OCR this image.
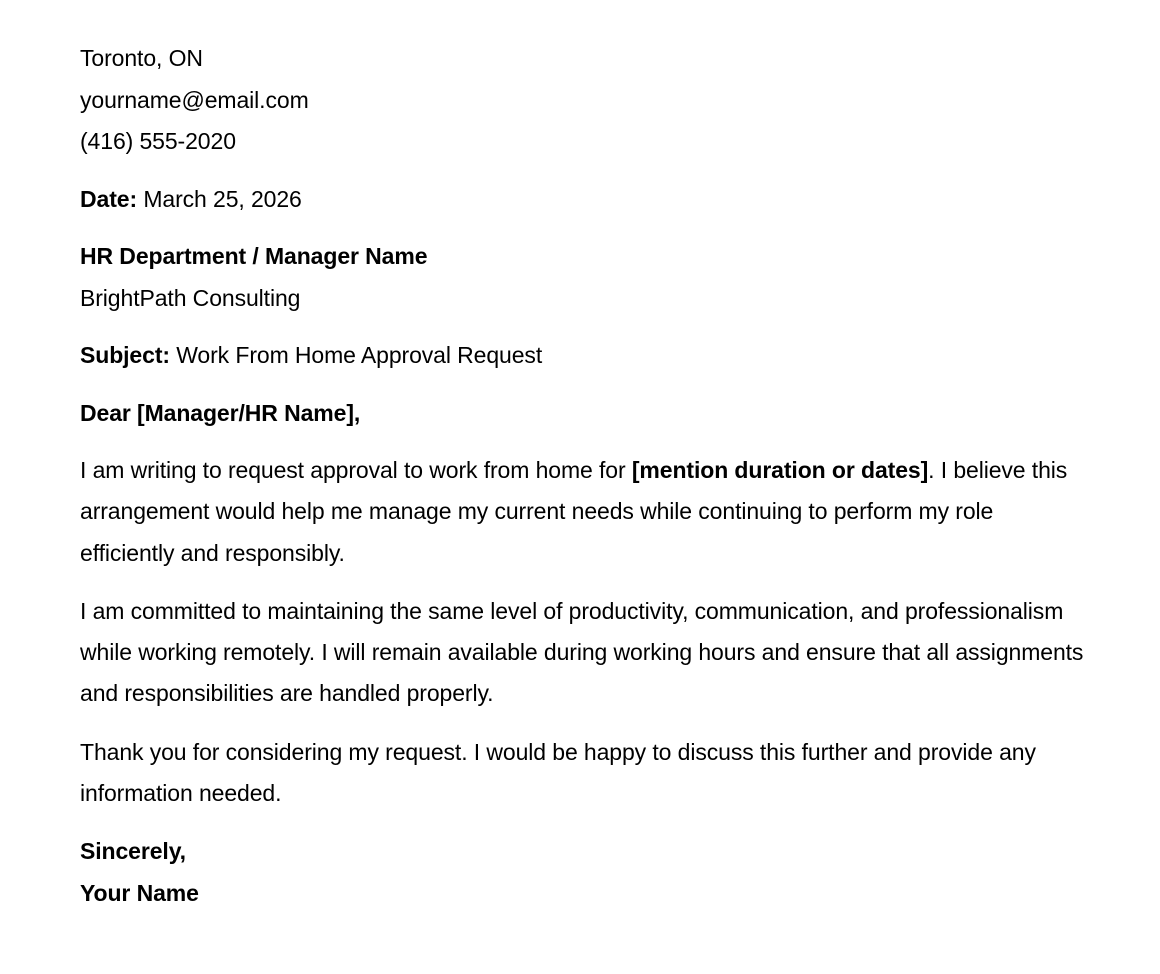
Toronto, ON
yourname@email.com
(416) 555-2020
Date: March 25, 2026
HR Department / Manager Name
BrightPath Consulting
Subject: Work From Home Approval Request
Dear [Manager/HR Name],

I am writing to request approval to work from home for [mention duration or dates]. I believe this arrangement would help me manage my current needs while continuing to perform my role efficiently and responsibly.

I am committed to maintaining the same level of productivity, communication, and professionalism while working remotely. I will remain available during working hours and ensure that all assignments and responsibilities are handled properly.

Thank you for considering my request. I would be happy to discuss this further and provide any information needed.

Sincerely,
Your Name
